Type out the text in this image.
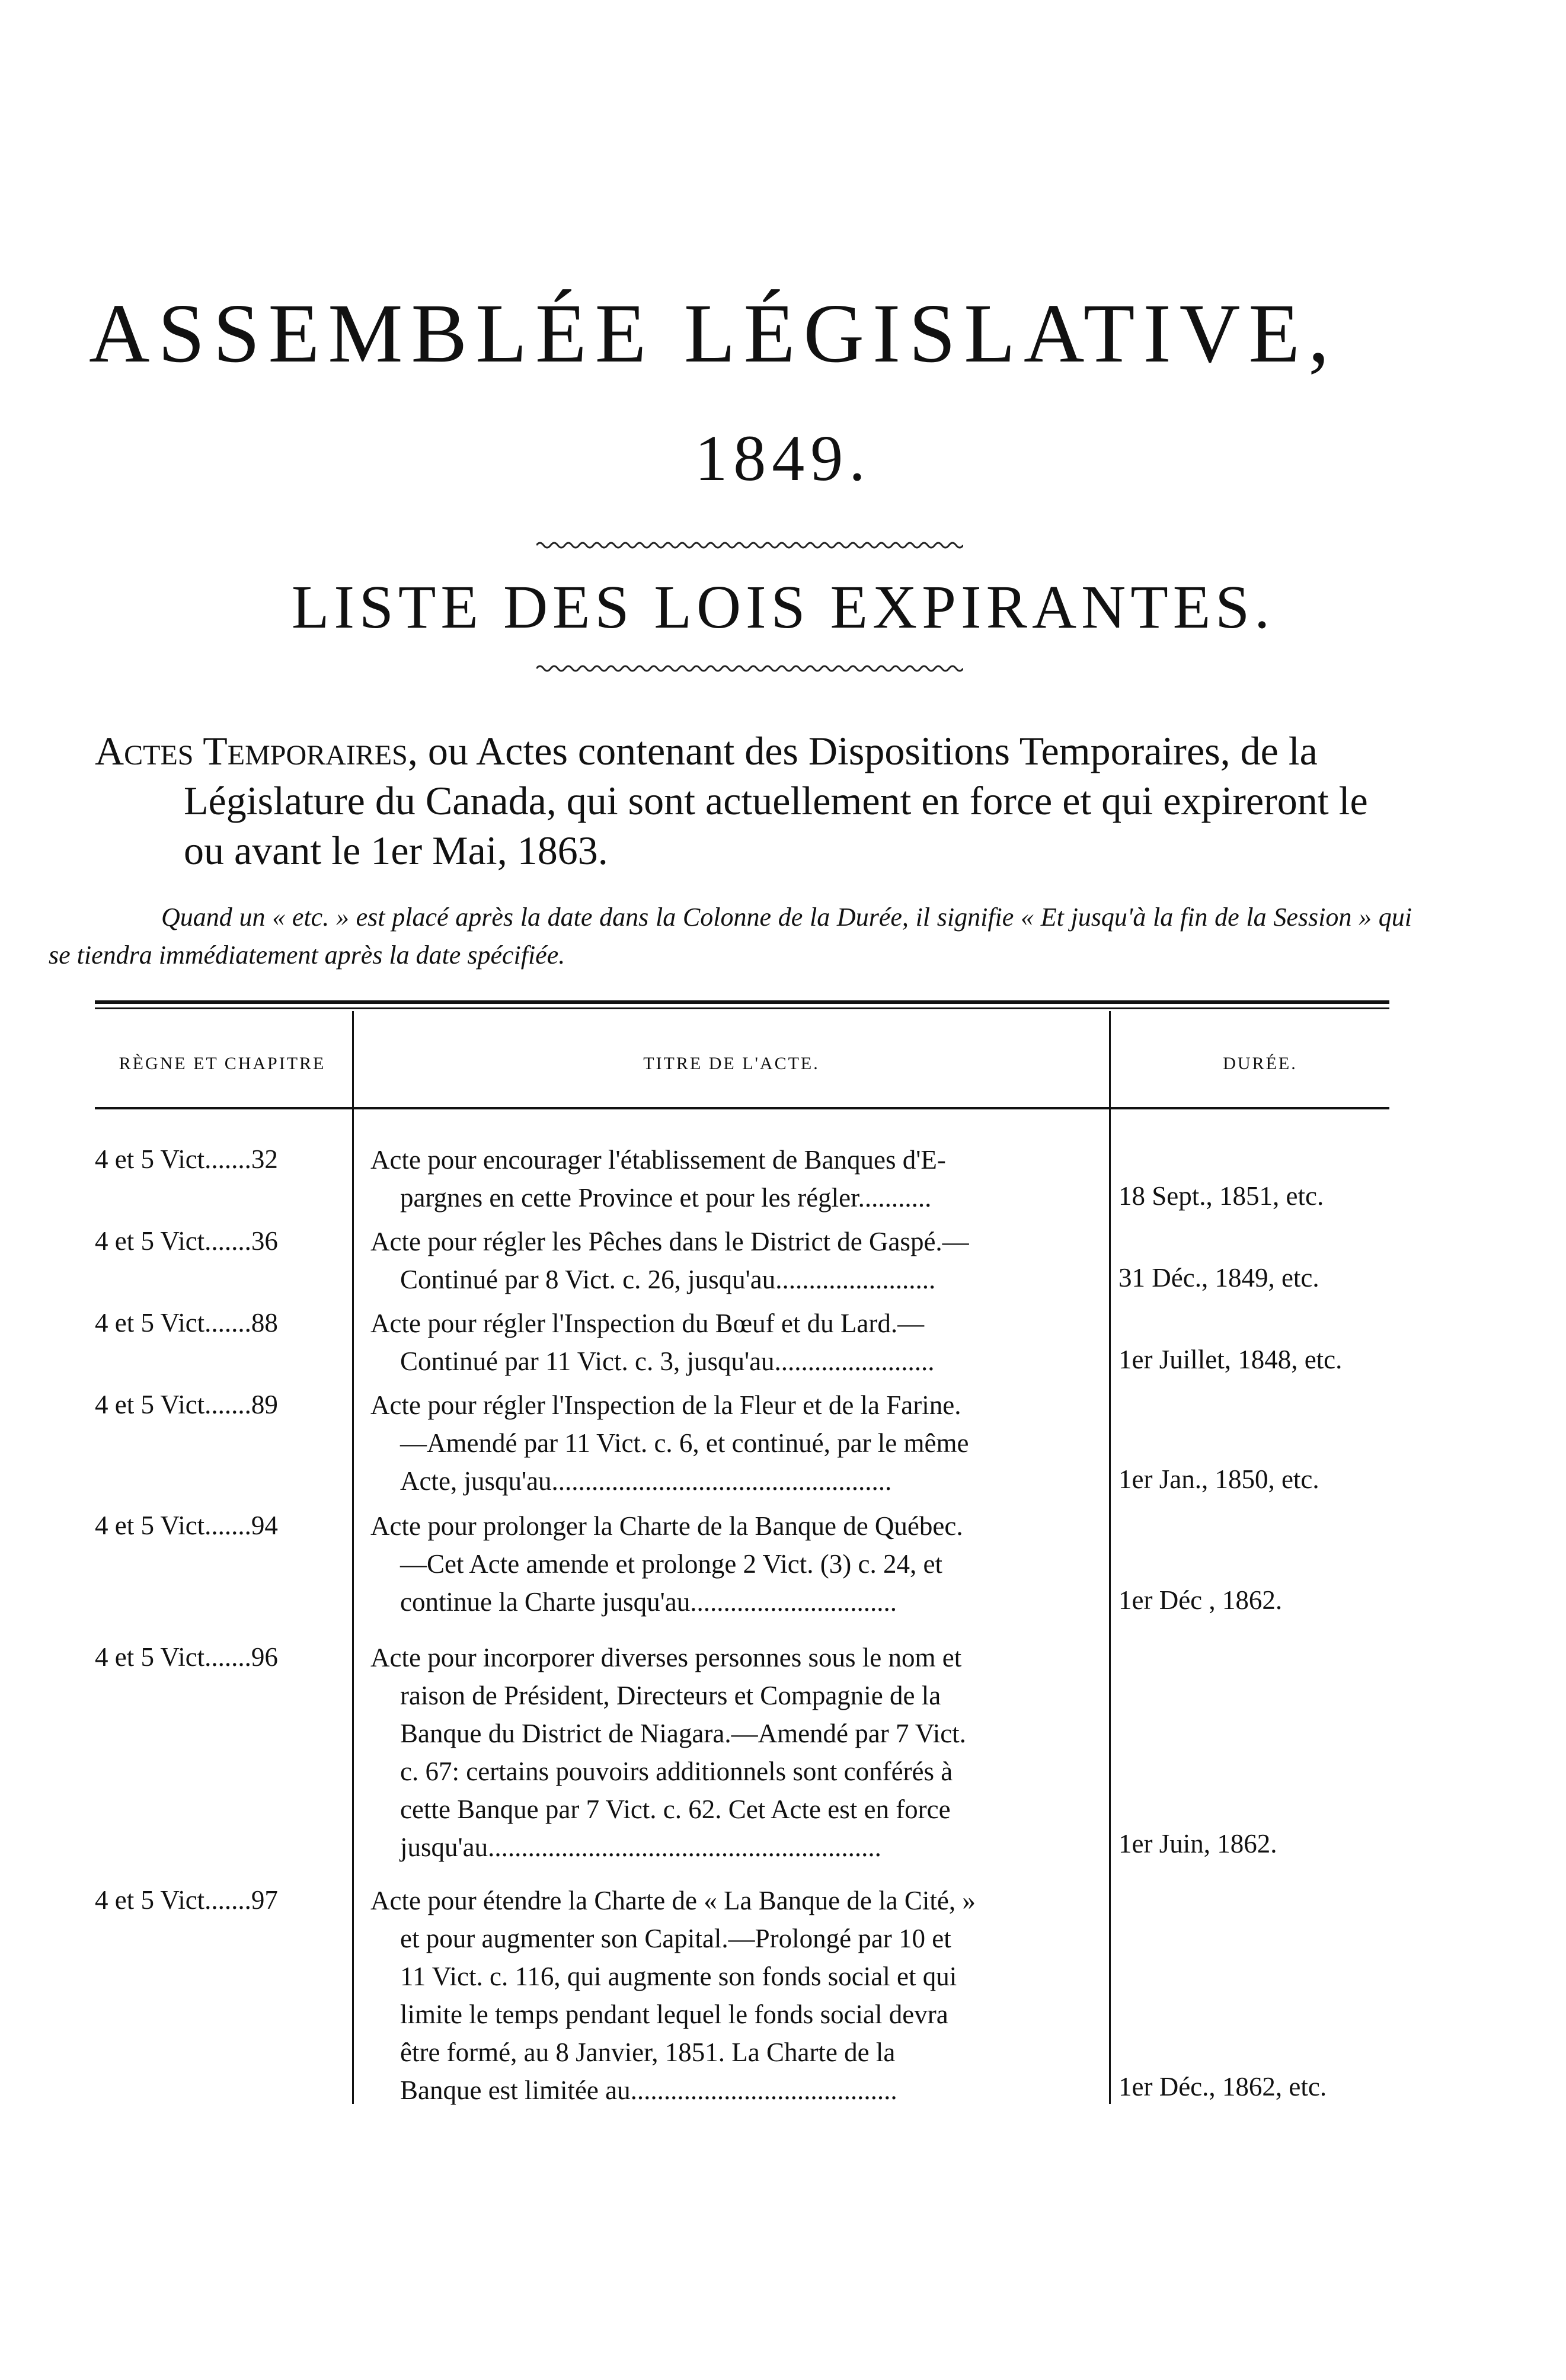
ASSEMBLÉE LÉGISLATIVE,
1849.
LISTE DES LOIS EXPIRANTES.
Actes Temporaires, ou Actes contenant des Dispositions Temporaires, de la Législature du Canada, qui sont actuellement en force et qui expireront le ou avant le 1er Mai, 1863.
Quand un « etc. » est placé après la date dans la Colonne de la Durée, il signifie « Et jusqu'à la fin de la Session » qui se tiendra immédiatement après la date spécifiée.
RÈGNE ET CHAPITRE	TITRE DE L'ACTE.	DURÉE.
4 et 5 Vict.......32	Acte pour encourager l'établissement de Banques d'E-
pargnes en cette Province et pour les régler...........	18 Sept., 1851, etc.
4 et 5 Vict.......36	Acte pour régler les Pêches dans le District de Gaspé.—
Continué par 8 Vict. c. 26, jusqu'au........................	31 Déc., 1849, etc.
4 et 5 Vict.......88	Acte pour régler l'Inspection du Bœuf et du Lard.—
Continué par 11 Vict. c. 3, jusqu'au........................	1er Juillet, 1848, etc.
4 et 5 Vict.......89	Acte pour régler l'Inspection de la Fleur et de la Farine.
—Amendé par 11 Vict. c. 6, et continué, par le même
Acte, jusqu'au...................................................	1er Jan., 1850, etc.
4 et 5 Vict.......94	Acte pour prolonger la Charte de la Banque de Québec.
—Cet Acte amende et prolonge 2 Vict. (3) c. 24, et
continue la Charte jusqu'au...............................	1er Déc , 1862.
4 et 5 Vict.......96	Acte pour incorporer diverses personnes sous le nom et
raison de Président, Directeurs et Compagnie de la
Banque du District de Niagara.—Amendé par 7 Vict.
c. 67: certains pouvoirs additionnels sont conférés à
cette Banque par 7 Vict. c. 62. Cet Acte est en force
jusqu'au...........................................................	1er Juin, 1862.
4 et 5 Vict.......97	Acte pour étendre la Charte de « La Banque de la Cité, »
et pour augmenter son Capital.—Prolongé par 10 et
11 Vict. c. 116, qui augmente son fonds social et qui
limite le temps pendant lequel le fonds social devra
être formé, au 8 Janvier, 1851. La Charte de la
Banque est limitée au........................................	1er Déc., 1862, etc.
